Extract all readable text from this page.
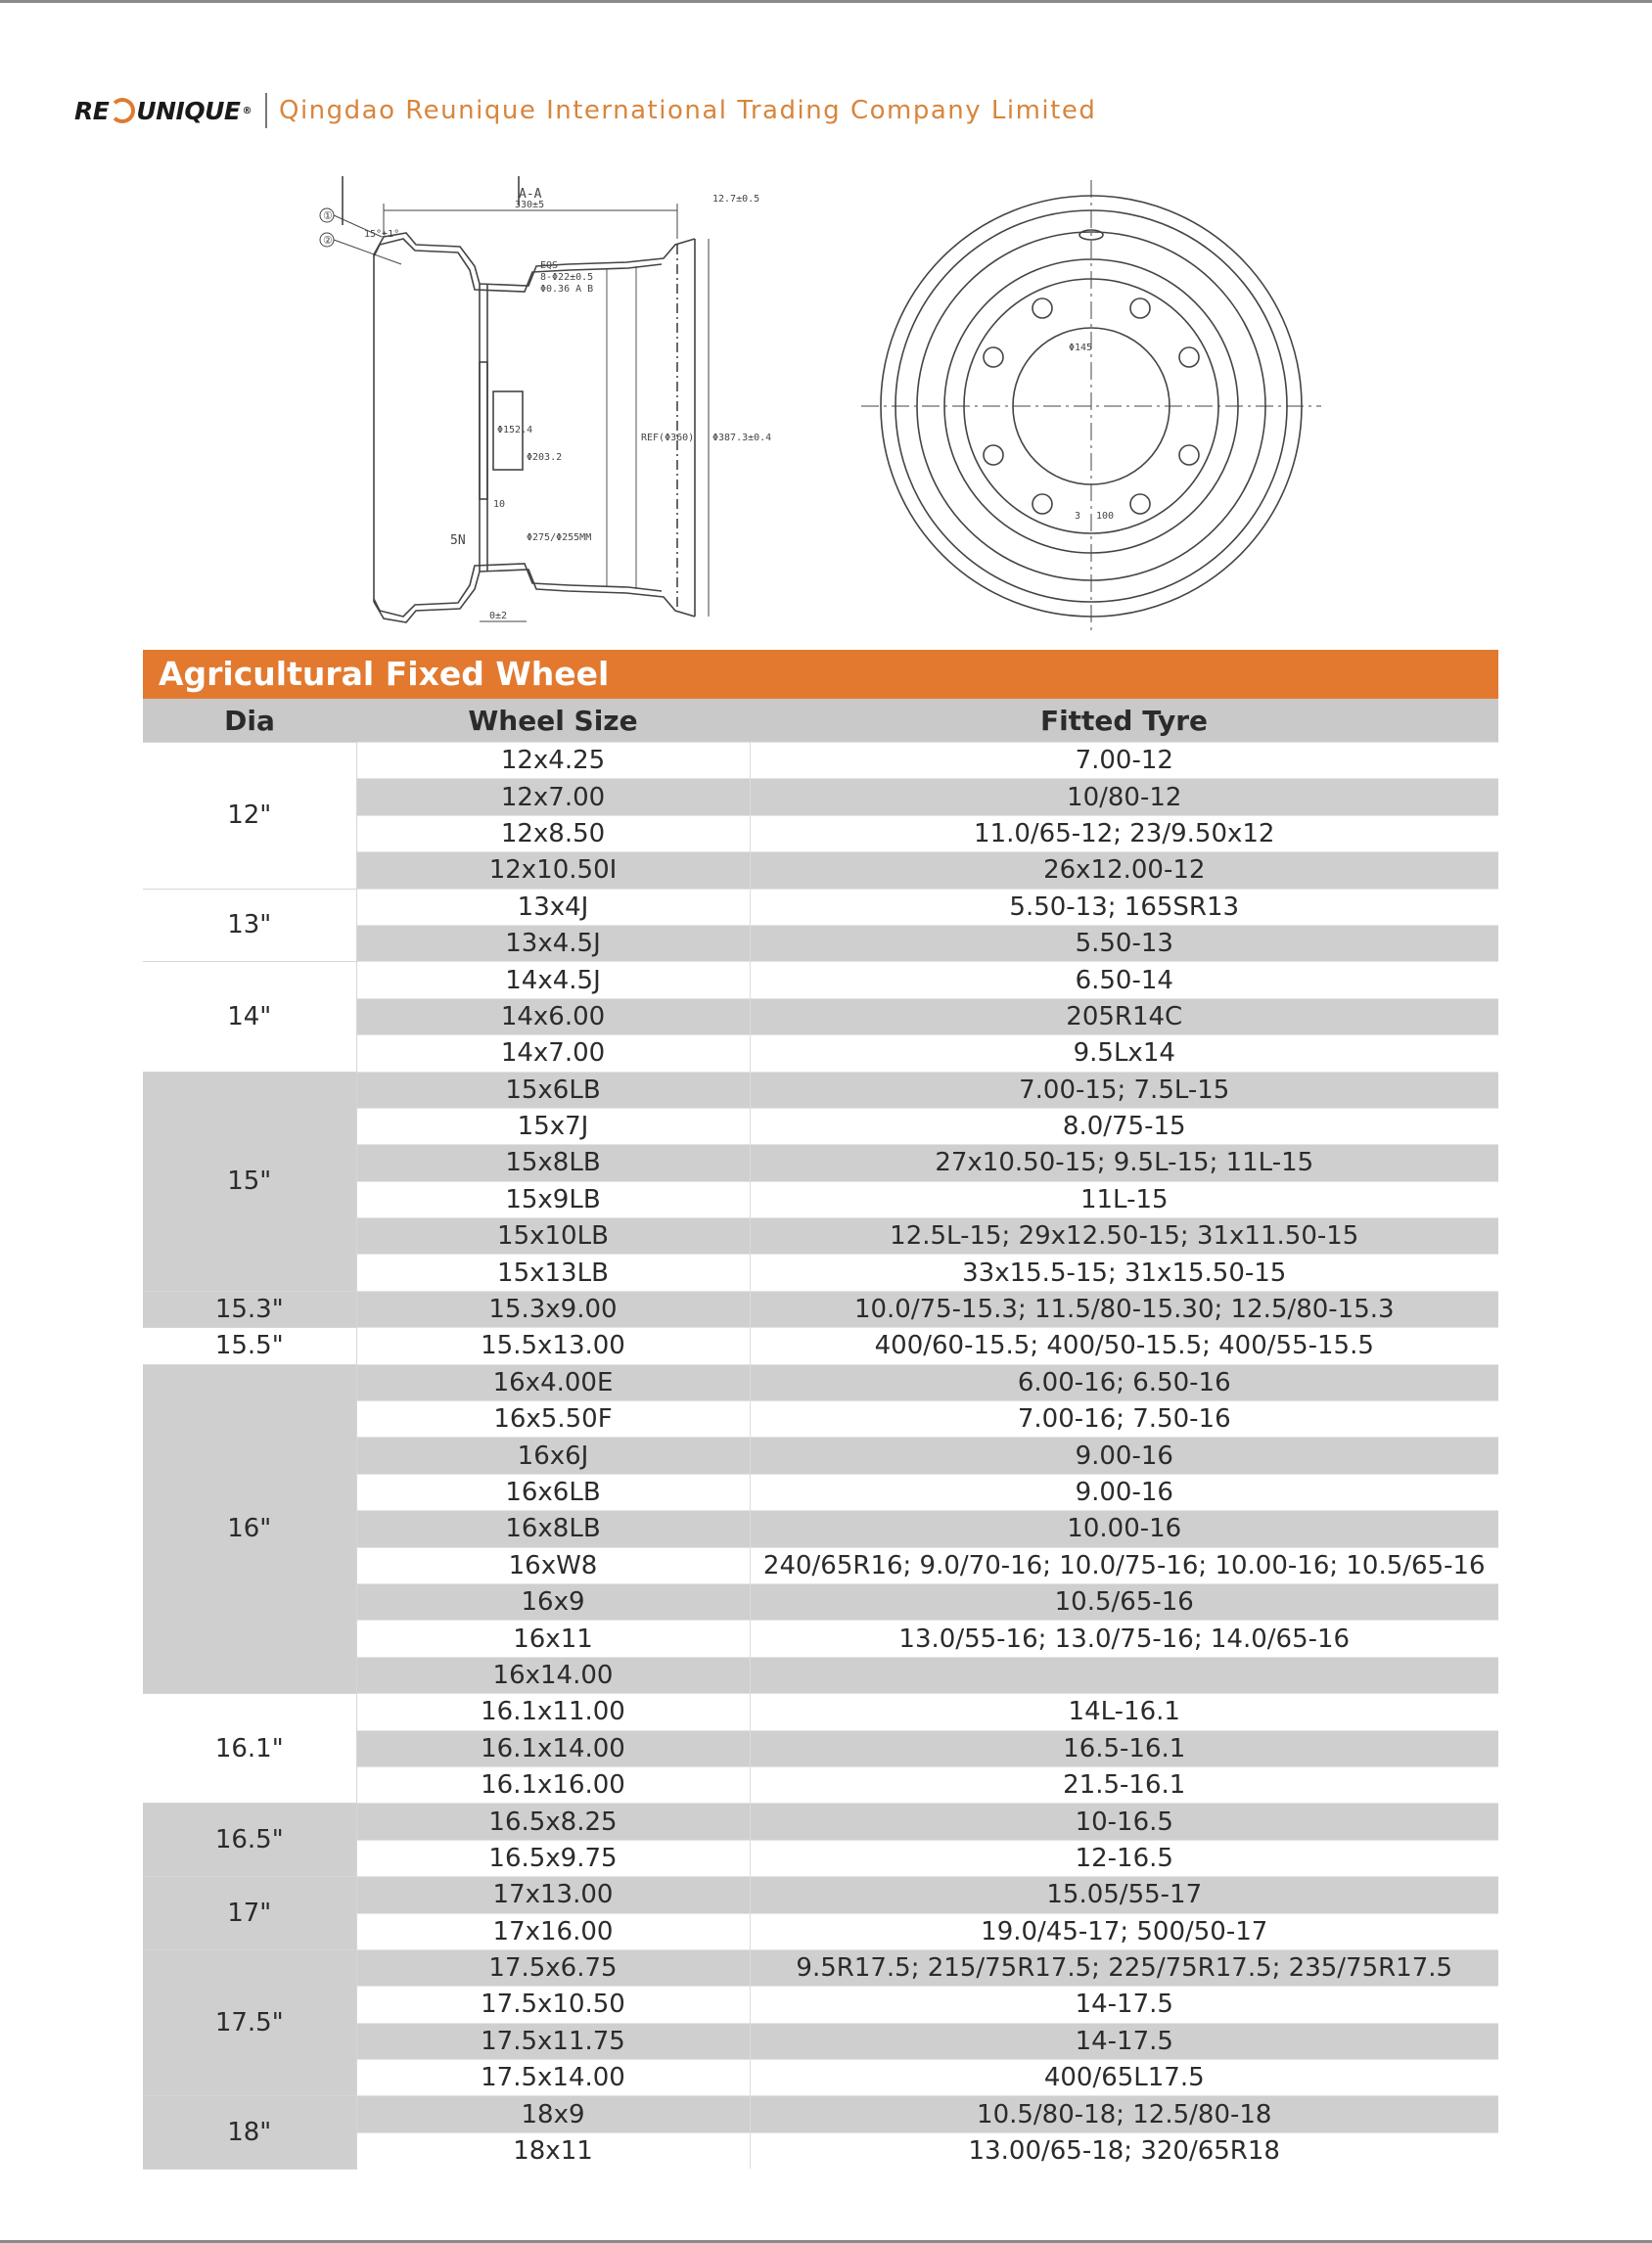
RE UNIQUE ® Qingdao Reunique International Trading Company Limited
A-A
330±5
①
②	15°±1°
8-Φ22±0.5
EQS
Φ0.36 A B
Φ152.4
Φ203.2
REF(Φ360) Φ387.3±0.4
12.7±0.5
10
5N	Φ275/Φ255MM
0±2
Φ145
100
3
Agricultural Fixed Wheel
Dia	Wheel Size	Fitted Tyre
12"	12x4.25	7.00-12
	12x7.00	10/80-12
	12x8.50	11.0/65-12; 23/9.50x12
	12x10.50I	26x12.00-12
13"	13x4J	5.50-13; 165SR13
	13x4.5J	5.50-13
14"	14x4.5J	6.50-14
	14x6.00	205R14C
	14x7.00	9.5Lx14
15"	15x6LB	7.00-15; 7.5L-15
	15x7J	8.0/75-15
	15x8LB	27x10.50-15; 9.5L-15; 11L-15
	15x9LB	11L-15
	15x10LB	12.5L-15; 29x12.50-15; 31x11.50-15
	15x13LB	33x15.5-15; 31x15.50-15
15.3"	15.3x9.00	10.0/75-15.3; 11.5/80-15.30; 12.5/80-15.3
15.5"	15.5x13.00	400/60-15.5; 400/50-15.5; 400/55-15.5
16"	16x4.00E	6.00-16; 6.50-16
	16x5.50F	7.00-16; 7.50-16
	16x6J	9.00-16
	16x6LB	9.00-16
	16x8LB	10.00-16
	16xW8	240/65R16; 9.0/70-16; 10.0/75-16; 10.00-16; 10.5/65-16
	16x9	10.5/65-16
	16x11	13.0/55-16; 13.0/75-16; 14.0/65-16
	16x14.00	
16.1"	16.1x11.00	14L-16.1
	16.1x14.00	16.5-16.1
	16.1x16.00	21.5-16.1
16.5"	16.5x8.25	10-16.5
	16.5x9.75	12-16.5
17"	17x13.00	15.05/55-17
	17x16.00	19.0/45-17; 500/50-17
17.5"	17.5x6.75	9.5R17.5; 215/75R17.5; 225/75R17.5; 235/75R17.5
	17.5x10.50	14-17.5
	17.5x11.75	14-17.5
	17.5x14.00	400/65L17.5
18"	18x9	10.5/80-18; 12.5/80-18
	18x11	13.00/65-18; 320/65R18
